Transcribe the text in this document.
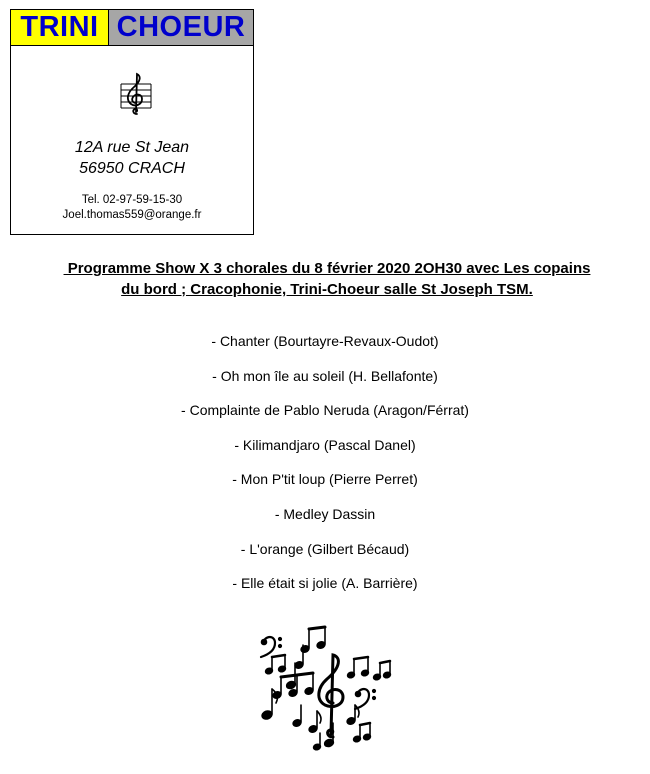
TRINI CHOEUR
12A rue St Jean
56950 CRACH
Tel. 02-97-59-15-30
Joel.thomas559@orange.fr
Programme Show X 3 chorales du 8 février 2020 2OH30 avec Les copains
du bord ; Cracophonie, Trini-Choeur salle St Joseph TSM.
- Chanter (Bourtayre-Revaux-Oudot)
- Oh mon île au soleil (H. Bellafonte)
- Complainte de Pablo Neruda (Aragon/Férrat)
- Kilimandjaro (Pascal Danel)
- Mon P'tit loup (Pierre Perret)
- Medley Dassin
- L'orange (Gilbert Bécaud)
- Elle était si jolie (A. Barrière)
